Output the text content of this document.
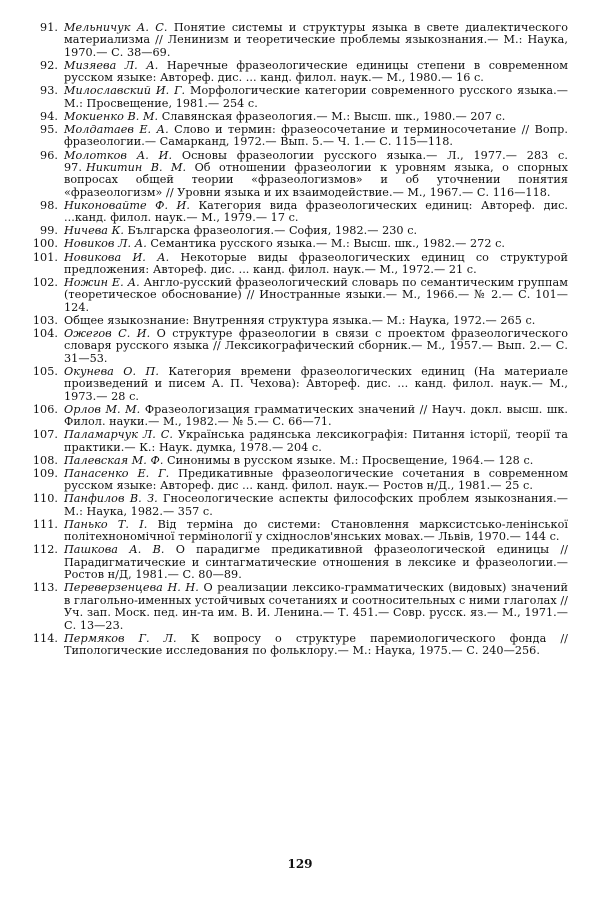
91. Мельничук А. С. Понятие системы и структуры языка в свете диалектического материализма // Ленинизм и теоретические проблемы языкознания.— М.: Наука, 1970.— С. 38—69.
92. Мизяева Л. А. Наречные фразеологические единицы степени в современном русском языке: Автореф. дис. ... канд. филол. наук.— М., 1980.— 16 с.
93. Милославский И. Г. Морфологические категории современного русского языка.— М.: Просвещение, 1981.— 254 с.
94. Мокиенко В. М. Славянская фразеология.— М.: Высш. шк., 1980.— 207 с.
95. Молдатаев Е. А. Слово и термин: фразеосочетание и терминосочетание // Вопр. фразеологии.— Самарканд, 1972.— Вып. 5.— Ч. 1.— С. 115—118.
96. Молотков А. И. Основы фразеологии русского языка.— Л., 1977.— 283 с. 97. Никитин В. М. Об отношении фразеологии к уровням языка, о спорных вопросах общей теории «фразеологизмов» и об уточнении понятия «фразеологизм» // Уровни языка и их взаимодействие.— М., 1967.— С. 116—118.
98. Никоновайте Ф. И. Категория вида фразеологических единиц: Автореф. дис. ...канд. филол. наук.— М., 1979.— 17 с.
99. Ничева К. Българска фразеология.— София, 1982.— 230 с.
100. Новиков Л. А. Семантика русского языка.— М.: Высш. шк., 1982.— 272 с.
101. Новикова И. А. Некоторые виды фразеологических единиц со структурой предложения: Автореф. дис. ... канд. филол. наук.— М., 1972.— 21 с.
102. Ножин Е. А. Англо-русский фразеологический словарь по семантическим группам (теоретическое обоснование) // Иностранные языки.— М., 1966.— № 2.— С. 101—124.
103. Общее языкознание: Внутренняя структура языка.— М.: Наука, 1972.— 265 с.
104. Ожегов С. И. О структуре фразеологии в связи с проектом фразеологического словаря русского языка // Лексикографический сборник.— М., 1957.— Вып. 2.— С. 31—53.
105. Окунева О. П. Категория времени фразеологических единиц (На материале произведений и писем А. П. Чехова): Автореф. дис. ... канд. филол. наук.— М., 1973.— 28 с.
106. Орлов М. М. Фразеологизация грамматических значений // Науч. докл. высш. шк. Филол. науки.— М., 1982.— № 5.— С. 66—71.
107. Паламарчук Л. С. Українська радянська лексикографія: Питання історії, теорії та практики.— К.: Наук. думка, 1978.— 204 с.
108. Палевская М. Ф. Синонимы в русском языке. М.: Просвещение, 1964.— 128 с.
109. Панасенко Е. Г. Предикативные фразеологические сочетания в современном русском языке: Автореф. дис ... канд. филол. наук.— Ростов н/Д., 1981.— 25 с.
110. Панфилов В. З. Гносеологические аспекты философских проблем языкознания.— М.: Наука, 1982.— 357 с.
111. Панько Т. І. Від терміна до системи: Становлення марксистсько-ленінської політехнономічної термінології у східнослов'янських мовах.— Львів, 1970.— 144 с.
112. Пашкова А. В. О парадигме предикативной фразеологической единицы // Парадигматические и синтагматические отношения в лексике и фразеологии.— Ростов н/Д, 1981.— С. 80—89.
113. Переверзенцева Н. Н. О реализации лексико-грамматических (видовых) значений в глагольно-именных устойчивых сочетаниях и соотносительных с ними глаголах // Уч. зап. Моск. пед. ин-та им. В. И. Ленина.— Т. 451.— Совр. русск. яз.— М., 1971.— С. 13—23.
114. Пермяков Г. Л. К вопросу о структуре паремиологического фонда // Типологические исследования по фольклору.— М.: Наука, 1975.— С. 240—256.
129
